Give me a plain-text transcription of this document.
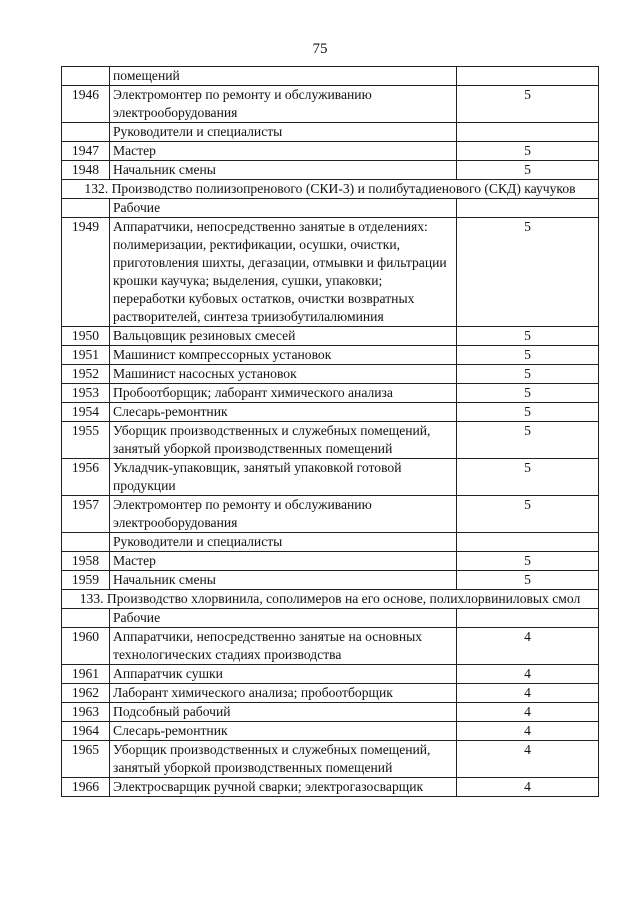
75
	помещений	
1946	Электромонтер по ремонту и обслуживанию электрооборудования	5
	Руководители и специалисты	
1947	Мастер	5
1948	Начальник смены	5
132. Производство полиизопренового (СКИ-3) и полибутадиенового (СКД) каучуков		
	Рабочие	
1949	Аппаратчики, непосредственно занятые в отделениях: полимеризации, ректификации, осушки, очистки, приготовления шихты, дегазации, отмывки и фильтрации крошки каучука; выделения, сушки, упаковки; переработки кубовых остатков, очистки возвратных растворителей, синтеза триизобутилалюминия	5
1950	Вальцовщик резиновых смесей	5
1951	Машинист компрессорных установок	5
1952	Машинист насосных установок	5
1953	Пробоотборщик; лаборант химического анализа	5
1954	Слесарь-ремонтник	5
1955	Уборщик производственных и служебных помещений, занятый уборкой производственных помещений	5
1956	Укладчик-упаковщик, занятый упаковкой готовой продукции	5
1957	Электромонтер по ремонту и обслуживанию электрооборудования	5
	Руководители и специалисты	
1958	Мастер	5
1959	Начальник смены	5
133. Производство хлорвинила, сополимеров на его основе, полихлорвиниловых смол		
	Рабочие	
1960	Аппаратчики, непосредственно занятые на основных технологических стадиях производства	4
1961	Аппаратчик сушки	4
1962	Лаборант химического анализа; пробоотборщик	4
1963	Подсобный рабочий	4
1964	Слесарь-ремонтник	4
1965	Уборщик производственных и служебных помещений, занятый уборкой производственных помещений	4
1966	Электросварщик ручной сварки; электрогазосварщик	4
